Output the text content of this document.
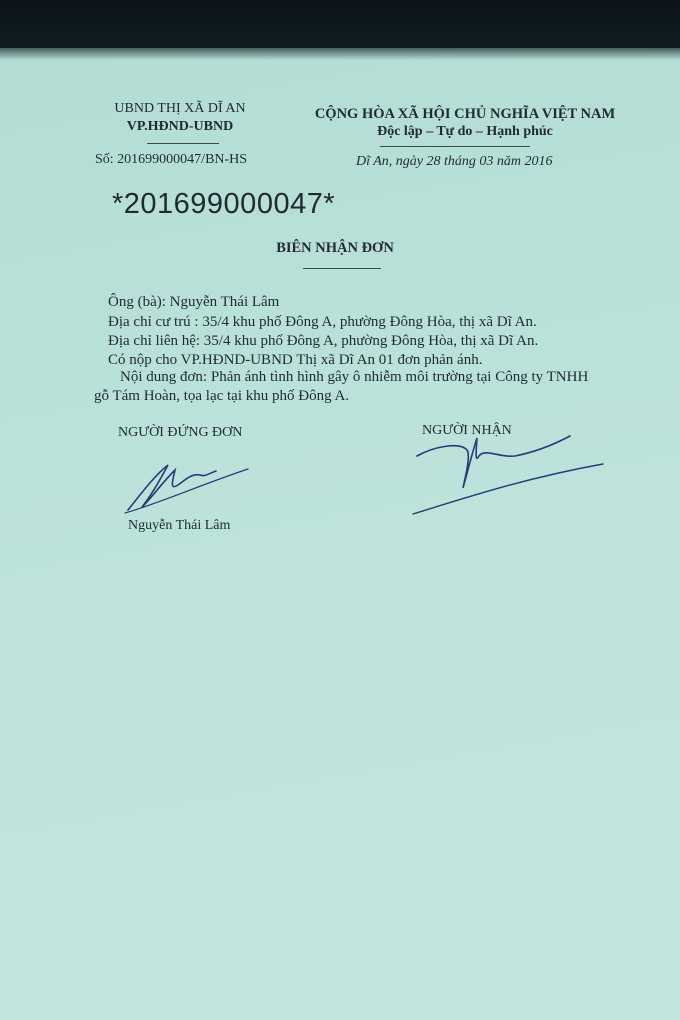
UBND THỊ XÃ DĨ AN
VP.HĐND-UBND
Số: 201699000047/BN-HS
CỘNG HÒA XÃ HỘI CHỦ NGHĨA VIỆT NAM
Độc lập – Tự do – Hạnh phúc
Dĩ An, ngày 28 tháng 03 năm 2016
*201699000047*
BIÊN NHẬN ĐƠN
Ông (bà): Nguyễn Thái Lâm
Địa chỉ cư trú : 35/4 khu phố Đông A, phường Đông Hòa, thị xã Dĩ An.
Địa chỉ liên hệ: 35/4 khu phố Đông A, phường Đông Hòa, thị xã Dĩ An.
Có nộp cho VP.HĐND-UBND Thị xã Dĩ An 01 đơn phản ánh.
Nội dung đơn: Phản ánh tình hình gây ô nhiễm môi trường tại Công ty TNHH
gỗ Tám Hoàn, tọa lạc tại khu phố Đông A.
NGƯỜI ĐỨNG ĐƠN	NGƯỜI NHẬN
Nguyễn Thái Lâm
